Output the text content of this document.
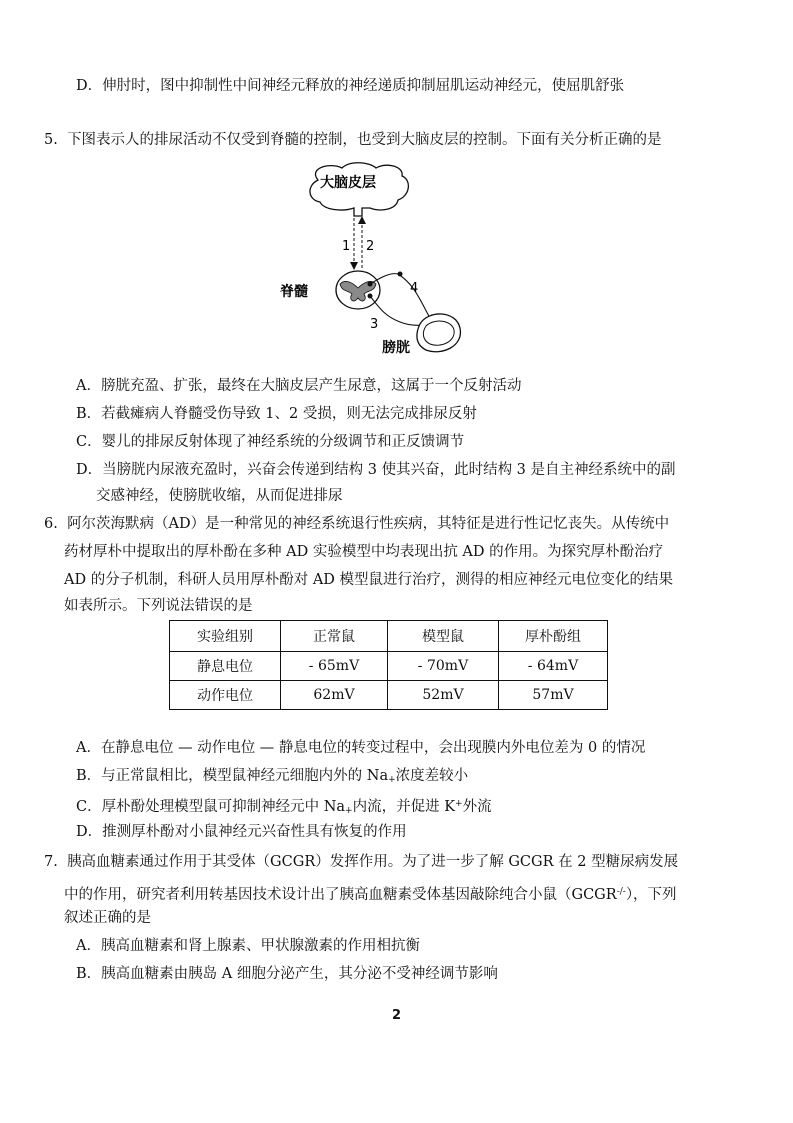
D．伸肘时，图中抑制性中间神经元释放的神经递质抑制屈肌运动神经元，使屈肌舒张
5. 下图表示人的排尿活动不仅受到脊髓的控制，也受到大脑皮层的控制。下面有关分析正确的是
大脑皮层
1 2
脊髓	4
3
膀胱
A．膀胱充盈、扩张，最终在大脑皮层产生尿意，这属于一个反射活动
B．若截瘫病人脊髓受伤导致 1、2 受损，则无法完成排尿反射
C．婴儿的排尿反射体现了神经系统的分级调节和正反馈调节
D．当膀胱内尿液充盈时，兴奋会传递到结构 3 使其兴奋，此时结构 3 是自主神经系统中的副
交感神经，使膀胱收缩，从而促进排尿
6. 阿尔茨海默病（AD）是一种常见的神经系统退行性疾病，其特征是进行性记忆丧失。从传统中
药材厚朴中提取出的厚朴酚在多种 AD 实验模型中均表现出抗 AD 的作用。为探究厚朴酚治疗
AD 的分子机制，科研人员用厚朴酚对 AD 模型鼠进行治疗，测得的相应神经元电位变化的结果
如表所示。下列说法错误的是
实验组别	正常鼠	模型鼠	厚朴酚组
静息电位	- 65mV	- 70mV	- 64mV
动作电位	62mV	52mV	57mV
A．在静息电位 — 动作电位 — 静息电位的转变过程中，会出现膜内外电位差为 0 的情况
B．与正常鼠相比，模型鼠神经元细胞内外的 $Na_+$浓度差较小
C．厚朴酚处理模型鼠可抑制神经元中 $Na_+$内流，并促进 K+外流
D．推测厚朴酚对小鼠神经元兴奋性具有恢复的作用
7. 胰高血糖素通过作用于其受体（GCGR）发挥作用。为了进一步了解 GCGR 在 2 型糖尿病发展
中的作用，研究者利用转基因技术设计出了胰高血糖素受体基因敲除纯合小鼠（GCGR-/-），下列
叙述正确的是
A．胰高血糖素和肾上腺素、甲状腺激素的作用相抗衡
B．胰高血糖素由胰岛 A 细胞分泌产生，其分泌不受神经调节影响
2
